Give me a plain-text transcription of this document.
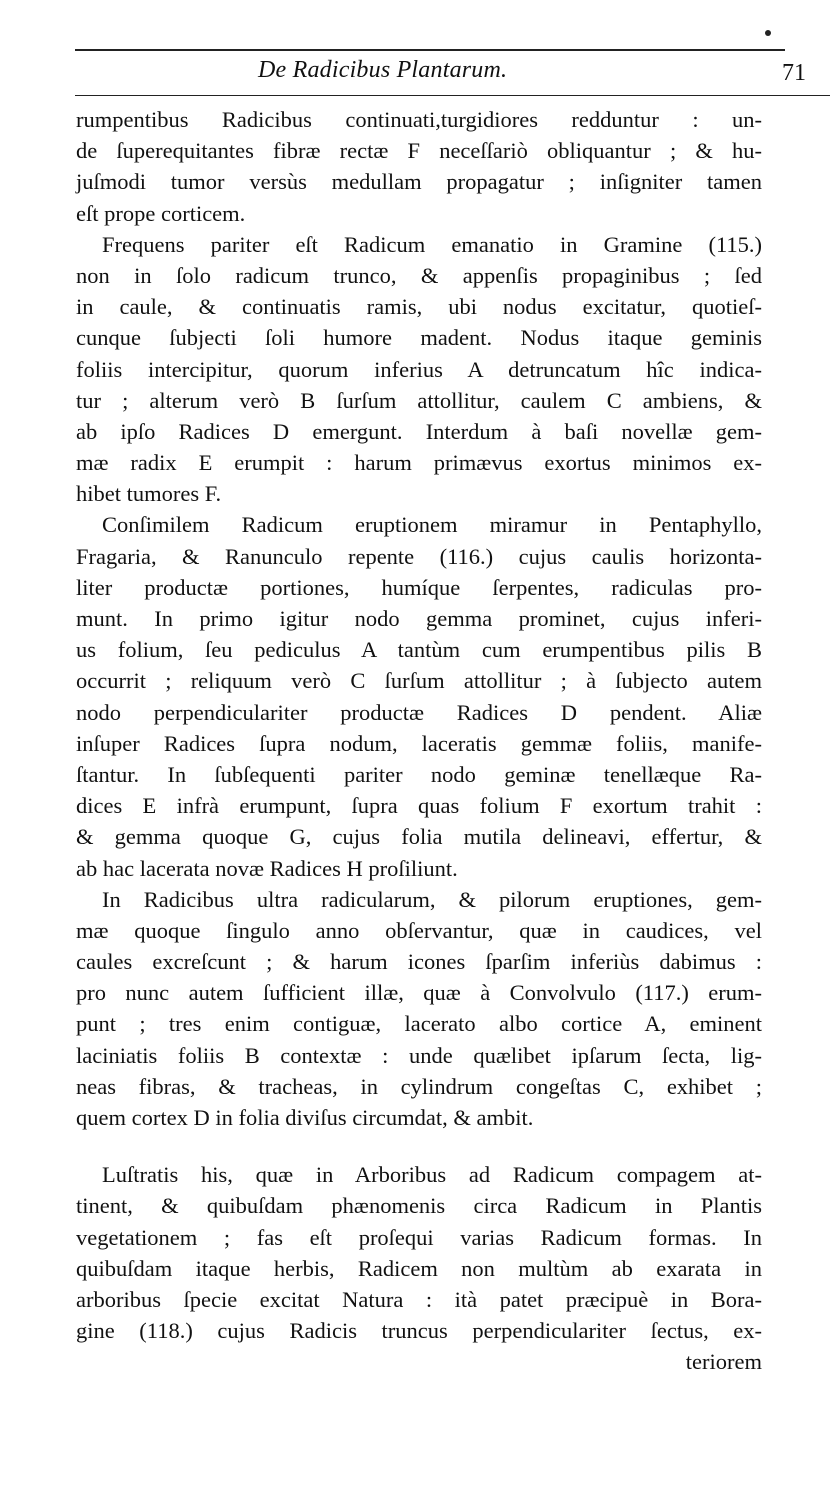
De Radicibus Plantarum.	71
rumpentibus Radicibus continuati,turgidiores redduntur : un-
de ſuperequitantes fibræ rectæ F neceſſariò obliquantur ; & hu-
juſmodi tumor versùs medullam propagatur ; inſigniter tamen
eſt prope corticem.
Frequens pariter eſt Radicum emanatio in Gramine (115.)
non in ſolo radicum trunco, & appenſis propaginibus ; ſed
in caule, & continuatis ramis, ubi nodus excitatur, quotieſ-
cunque ſubjecti ſoli humore madent. Nodus itaque geminis
foliis intercipitur, quorum inferius A detruncatum hîc indica-
tur ; alterum verò B ſurſum attollitur, caulem C ambiens, &
ab ipſo Radices D emergunt. Interdum à baſi novellæ gem-
mæ radix E erumpit : harum primævus exortus minimos ex-
hibet tumores F.
Conſimilem Radicum eruptionem miramur in Pentaphyllo,
Fragaria, & Ranunculo repente (116.) cujus caulis horizonta-
liter productæ portiones, humíque ſerpentes, radiculas pro-
munt. In primo igitur nodo gemma prominet, cujus inferi-
us folium, ſeu pediculus A tantùm cum erumpentibus pilis B
occurrit ; reliquum verò C ſurſum attollitur ; à ſubjecto autem
nodo perpendiculariter productæ Radices D pendent. Aliæ
inſuper Radices ſupra nodum, laceratis gemmæ foliis, manife-
ſtantur. In ſubſequenti pariter nodo geminæ tenellæque Ra-
dices E infrà erumpunt, ſupra quas folium F exortum trahit :
& gemma quoque G, cujus folia mutila delineavi, effertur, &
ab hac lacerata novæ Radices H proſiliunt.
In Radicibus ultra radicularum, & pilorum eruptiones, gem-
mæ quoque ſingulo anno obſervantur, quæ in caudices, vel
caules excreſcunt ; & harum icones ſparſim inferiùs dabimus :
pro nunc autem ſufficient illæ, quæ à Convolvulo (117.) erum-
punt ; tres enim contiguæ, lacerato albo cortice A, eminent
laciniatis foliis B contextæ : unde quælibet ipſarum ſecta, lig-
neas fibras, & tracheas, in cylindrum congeſtas C, exhibet ;
quem cortex D in folia diviſus circumdat, & ambit.
Luſtratis his, quæ in Arboribus ad Radicum compagem at-
tinent, & quibuſdam phænomenis circa Radicum in Plantis
vegetationem ; fas eſt proſequi varias Radicum formas. In
quibuſdam itaque herbis, Radicem non multùm ab exarata in
arboribus ſpecie excitat Natura : ità patet præcipuè in Bora-
gine (118.) cujus Radicis truncus perpendiculariter ſectus, ex-
teriorem
